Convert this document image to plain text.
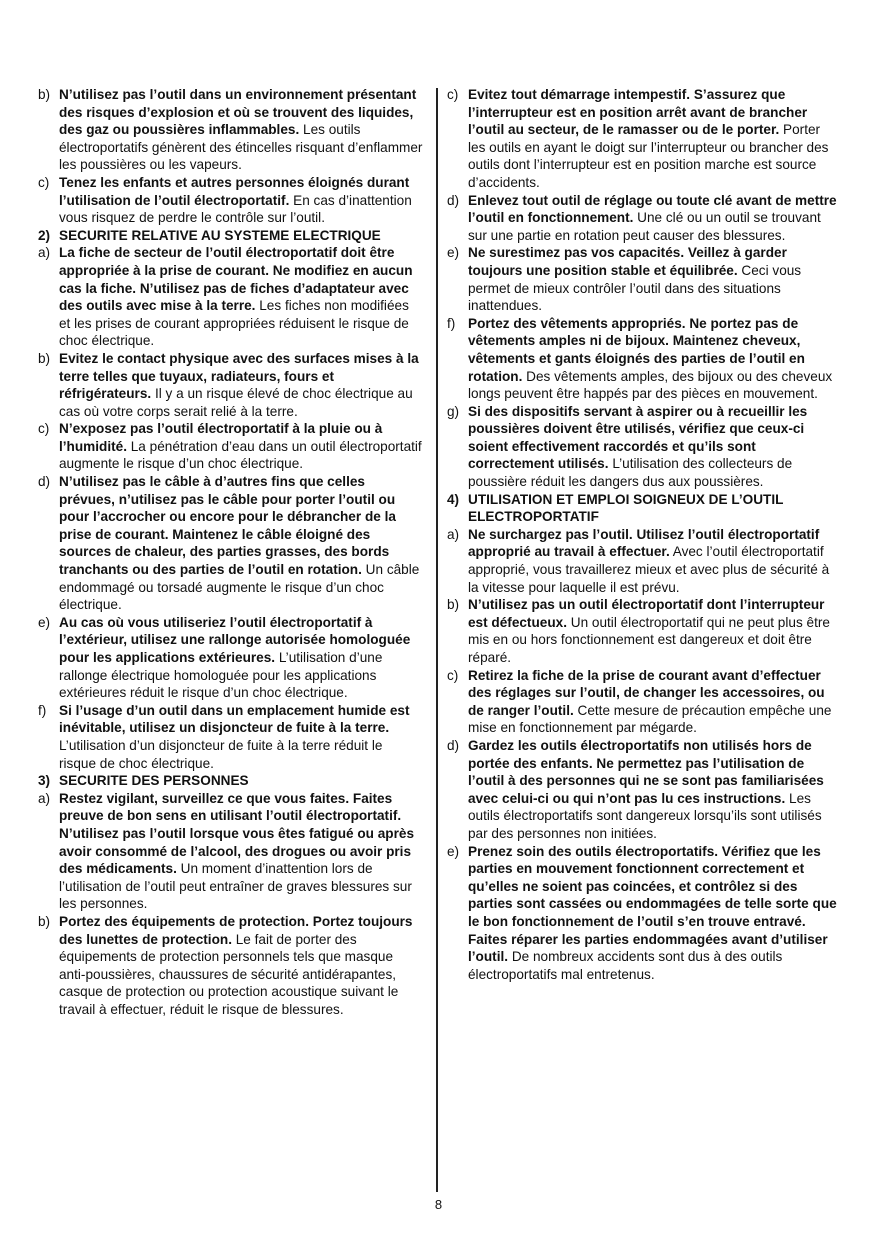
b) N’utilisez pas l’outil dans un environnement présentant des risques d’explosion et où se trouvent des liquides, des gaz ou poussières inflammables. Les outils électroportatifs génèrent des étincelles risquant d’enflammer les poussières ou les vapeurs.
c) Tenez les enfants et autres personnes éloignés durant l’utilisation de l’outil électroportatif. En cas d’inattention vous risquez de perdre le contrôle sur l’outil.
2) SECURITE RELATIVE AU SYSTEME ELECTRIQUE
a) La fiche de secteur de l’outil électroportatif doit être appropriée à la prise de courant. Ne modifiez en aucun cas la fiche. N’utilisez pas de fiches d’adaptateur avec des outils avec mise à la terre. Les fiches non modifiées et les prises de courant appropriées réduisent le risque de choc électrique.
b) Evitez le contact physique avec des surfaces mises à la terre telles que tuyaux, radiateurs, fours et réfrigérateurs. Il y a un risque élevé de choc électrique au cas où votre corps serait relié à la terre.
c) N’exposez pas l’outil électroportatif à la pluie ou à l’humidité. La pénétration d’eau dans un outil électroportatif augmente le risque d’un choc électrique.
d) N’utilisez pas le câble à d’autres fins que celles prévues, n’utilisez pas le câble pour porter l’outil ou pour l’accrocher ou encore pour le débrancher de la prise de courant. Maintenez le câble éloigné des sources de chaleur, des parties grasses, des bords tranchants ou des parties de l’outil en rotation. Un câble endommagé ou torsadé augmente le risque d’un choc électrique.
e) Au cas où vous utiliseriez l’outil électroportatif à l’extérieur, utilisez une rallonge autorisée homologuée pour les applications extérieures. L’utilisation d’une rallonge électrique homologuée pour les applications extérieures réduit le risque d’un choc électrique.
f) Si l’usage d’un outil dans un emplacement humide est inévitable, utilisez un disjoncteur de fuite à la terre. L’utilisation d’un disjoncteur de fuite à la terre réduit le risque de choc électrique.
3) SECURITE DES PERSONNES
a) Restez vigilant, surveillez ce que vous faites. Faites preuve de bon sens en utilisant l’outil électroportatif. N’utilisez pas l’outil lorsque vous êtes fatigué ou après avoir consommé de l’alcool, des drogues ou avoir pris des médicaments. Un moment d’inattention lors de l’utilisation de l’outil peut entraîner de graves blessures sur les personnes.
b) Portez des équipements de protection. Portez toujours des lunettes de protection. Le fait de porter des équipements de protection personnels tels que masque anti-poussières, chaussures de sécurité antidérapantes, casque de protection ou protection acoustique suivant le travail à effectuer, réduit le risque de blessures.
c) Evitez tout démarrage intempestif. S’assurez que l’interrupteur est en position arrêt avant de brancher l’outil au secteur, de le ramasser ou de le porter. Porter les outils en ayant le doigt sur l’interrupteur ou brancher des outils dont l’interrupteur est en position marche est source d’accidents.
d) Enlevez tout outil de réglage ou toute clé avant de mettre l’outil en fonctionnement. Une clé ou un outil se trouvant sur une partie en rotation peut causer des blessures.
e) Ne surestimez pas vos capacités. Veillez à garder toujours une position stable et équilibrée. Ceci vous permet de mieux contrôler l’outil dans des situations inattendues.
f) Portez des vêtements appropriés. Ne portez pas de vêtements amples ni de bijoux. Maintenez cheveux, vêtements et gants éloignés des parties de l’outil en rotation. Des vêtements amples, des bijoux ou des cheveux longs peuvent être happés par des pièces en mouvement.
g) Si des dispositifs servant à aspirer ou à recueillir les poussières doivent être utilisés, vérifiez que ceux-ci soient effectivement raccordés et qu’ils sont correctement utilisés. L’utilisation des collecteurs de poussière réduit les dangers dus aux poussières.
4) UTILISATION ET EMPLOI SOIGNEUX DE L’OUTIL ELECTROPORTATIF
a) Ne surchargez pas l’outil. Utilisez l’outil électroportatif approprié au travail à effectuer. Avec l’outil électroportatif approprié, vous travaillerez mieux et avec plus de sécurité à la vitesse pour laquelle il est prévu.
b) N’utilisez pas un outil électroportatif dont l’interrupteur est défectueux. Un outil électroportatif qui ne peut plus être mis en ou hors fonctionnement est dangereux et doit être réparé.
c) Retirez la fiche de la prise de courant avant d’effectuer des réglages sur l’outil, de changer les accessoires, ou de ranger l’outil. Cette mesure de précaution empêche une mise en fonctionnement par mégarde.
d) Gardez les outils électroportatifs non utilisés hors de portée des enfants. Ne permettez pas l’utilisation de l’outil à des personnes qui ne se sont pas familiarisées avec celui-ci ou qui n’ont pas lu ces instructions. Les outils électroportatifs sont dangereux lorsqu’ils sont utilisés par des personnes non initiées.
e) Prenez soin des outils électroportatifs. Vérifiez que les parties en mouvement fonctionnent correctement et qu’elles ne soient pas coincées, et contrôlez si des parties sont cassées ou endommagées de telle sorte que le bon fonctionnement de l’outil s’en trouve entravé. Faites réparer les parties endommagées avant d’utiliser l’outil. De nombreux accidents sont dus à des outils électroportatifs mal entretenus.
8
